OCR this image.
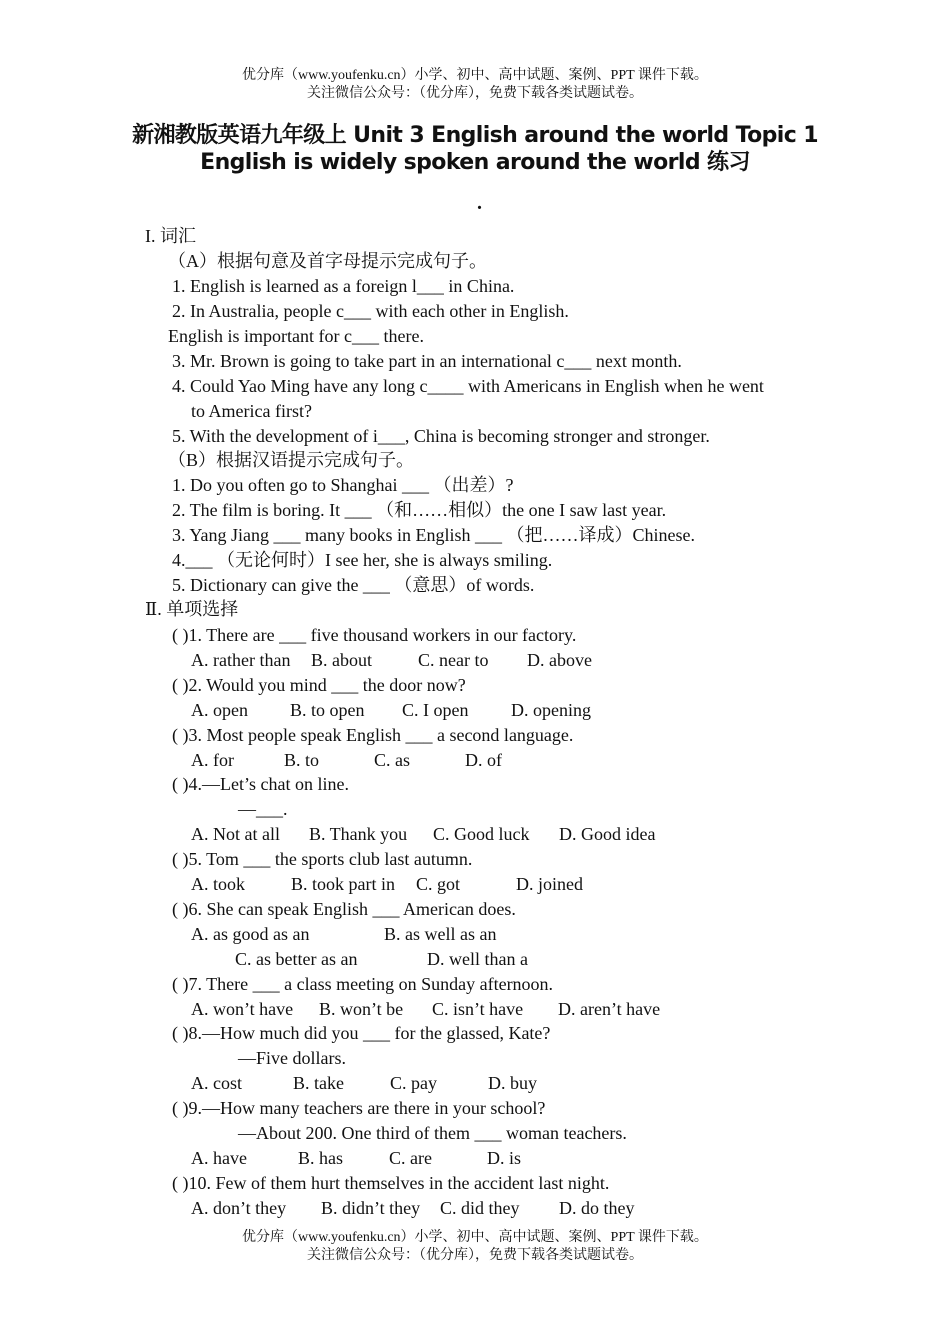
优分库（www.youfenku.cn）小学、初中、高中试题、案例、PPT 课件下载。
关注微信公众号：（优分库），免费下载各类试题试卷。
新湘教版英语九年级上 Unit 3 English around the world Topic 1
English is widely spoken around the world 练习
.
I. 词汇
（A）根据句意及首字母提示完成句子。
1. English is learned as a foreign l___ in China.
2. In Australia, people c___ with each other in English.
English is important for c___ there.
3. Mr. Brown is going to take part in an international c___ next month.
4. Could Yao Ming have any long c____ with Americans in English when he went
to America first?
5. With the development of i___, China is becoming stronger and stronger.
（B）根据汉语提示完成句子。
1. Do you often go to Shanghai ___ （出差）?
2. The film is boring. It ___ （和……相似）the one I saw last year.
3. Yang Jiang ___ many books in English ___ （把……译成）Chinese.
4.___ （无论何时）I see her, she is always smiling.
5. Dictionary can give the ___ （意思）of words.
Ⅱ. 单项选择
( )1. There are ___ five thousand workers in our factory.
A. rather than B. about	C. near to D. above
( )2. Would you mind ___ the door now?
A. open B. to open C. I open D. opening
( )3. Most people speak English ___ a second language.
A. for	B. to	C. as	D. of
( )4.—Let’s chat on line.
—___.
A. Not at all B. Thank you C. Good luck D. Good idea
( )5. Tom ___ the sports club last autumn.
A. took	B. took part in C. got	D. joined
( )6. She can speak English ___ American does.
A. as good as an	B. as well as an
C. as better as an	D. well than a
( )7. There ___ a class meeting on Sunday afternoon.
A. won’t have B. won’t be C. isn’t have D. aren’t have
( )8.—How much did you ___ for the glassed, Kate?
—Five dollars.
A. cost	B. take	C. pay	D. buy
( )9.—How many teachers are there in your school?
—About 200. One third of them ___ woman teachers.
A. have	B. has	C. are	D. is
( )10. Few of them hurt themselves in the accident last night.
A. don’t they B. didn’t they C. did they D. do they
优分库（www.youfenku.cn）小学、初中、高中试题、案例、PPT 课件下载。
关注微信公众号：（优分库），免费下载各类试题试卷。
